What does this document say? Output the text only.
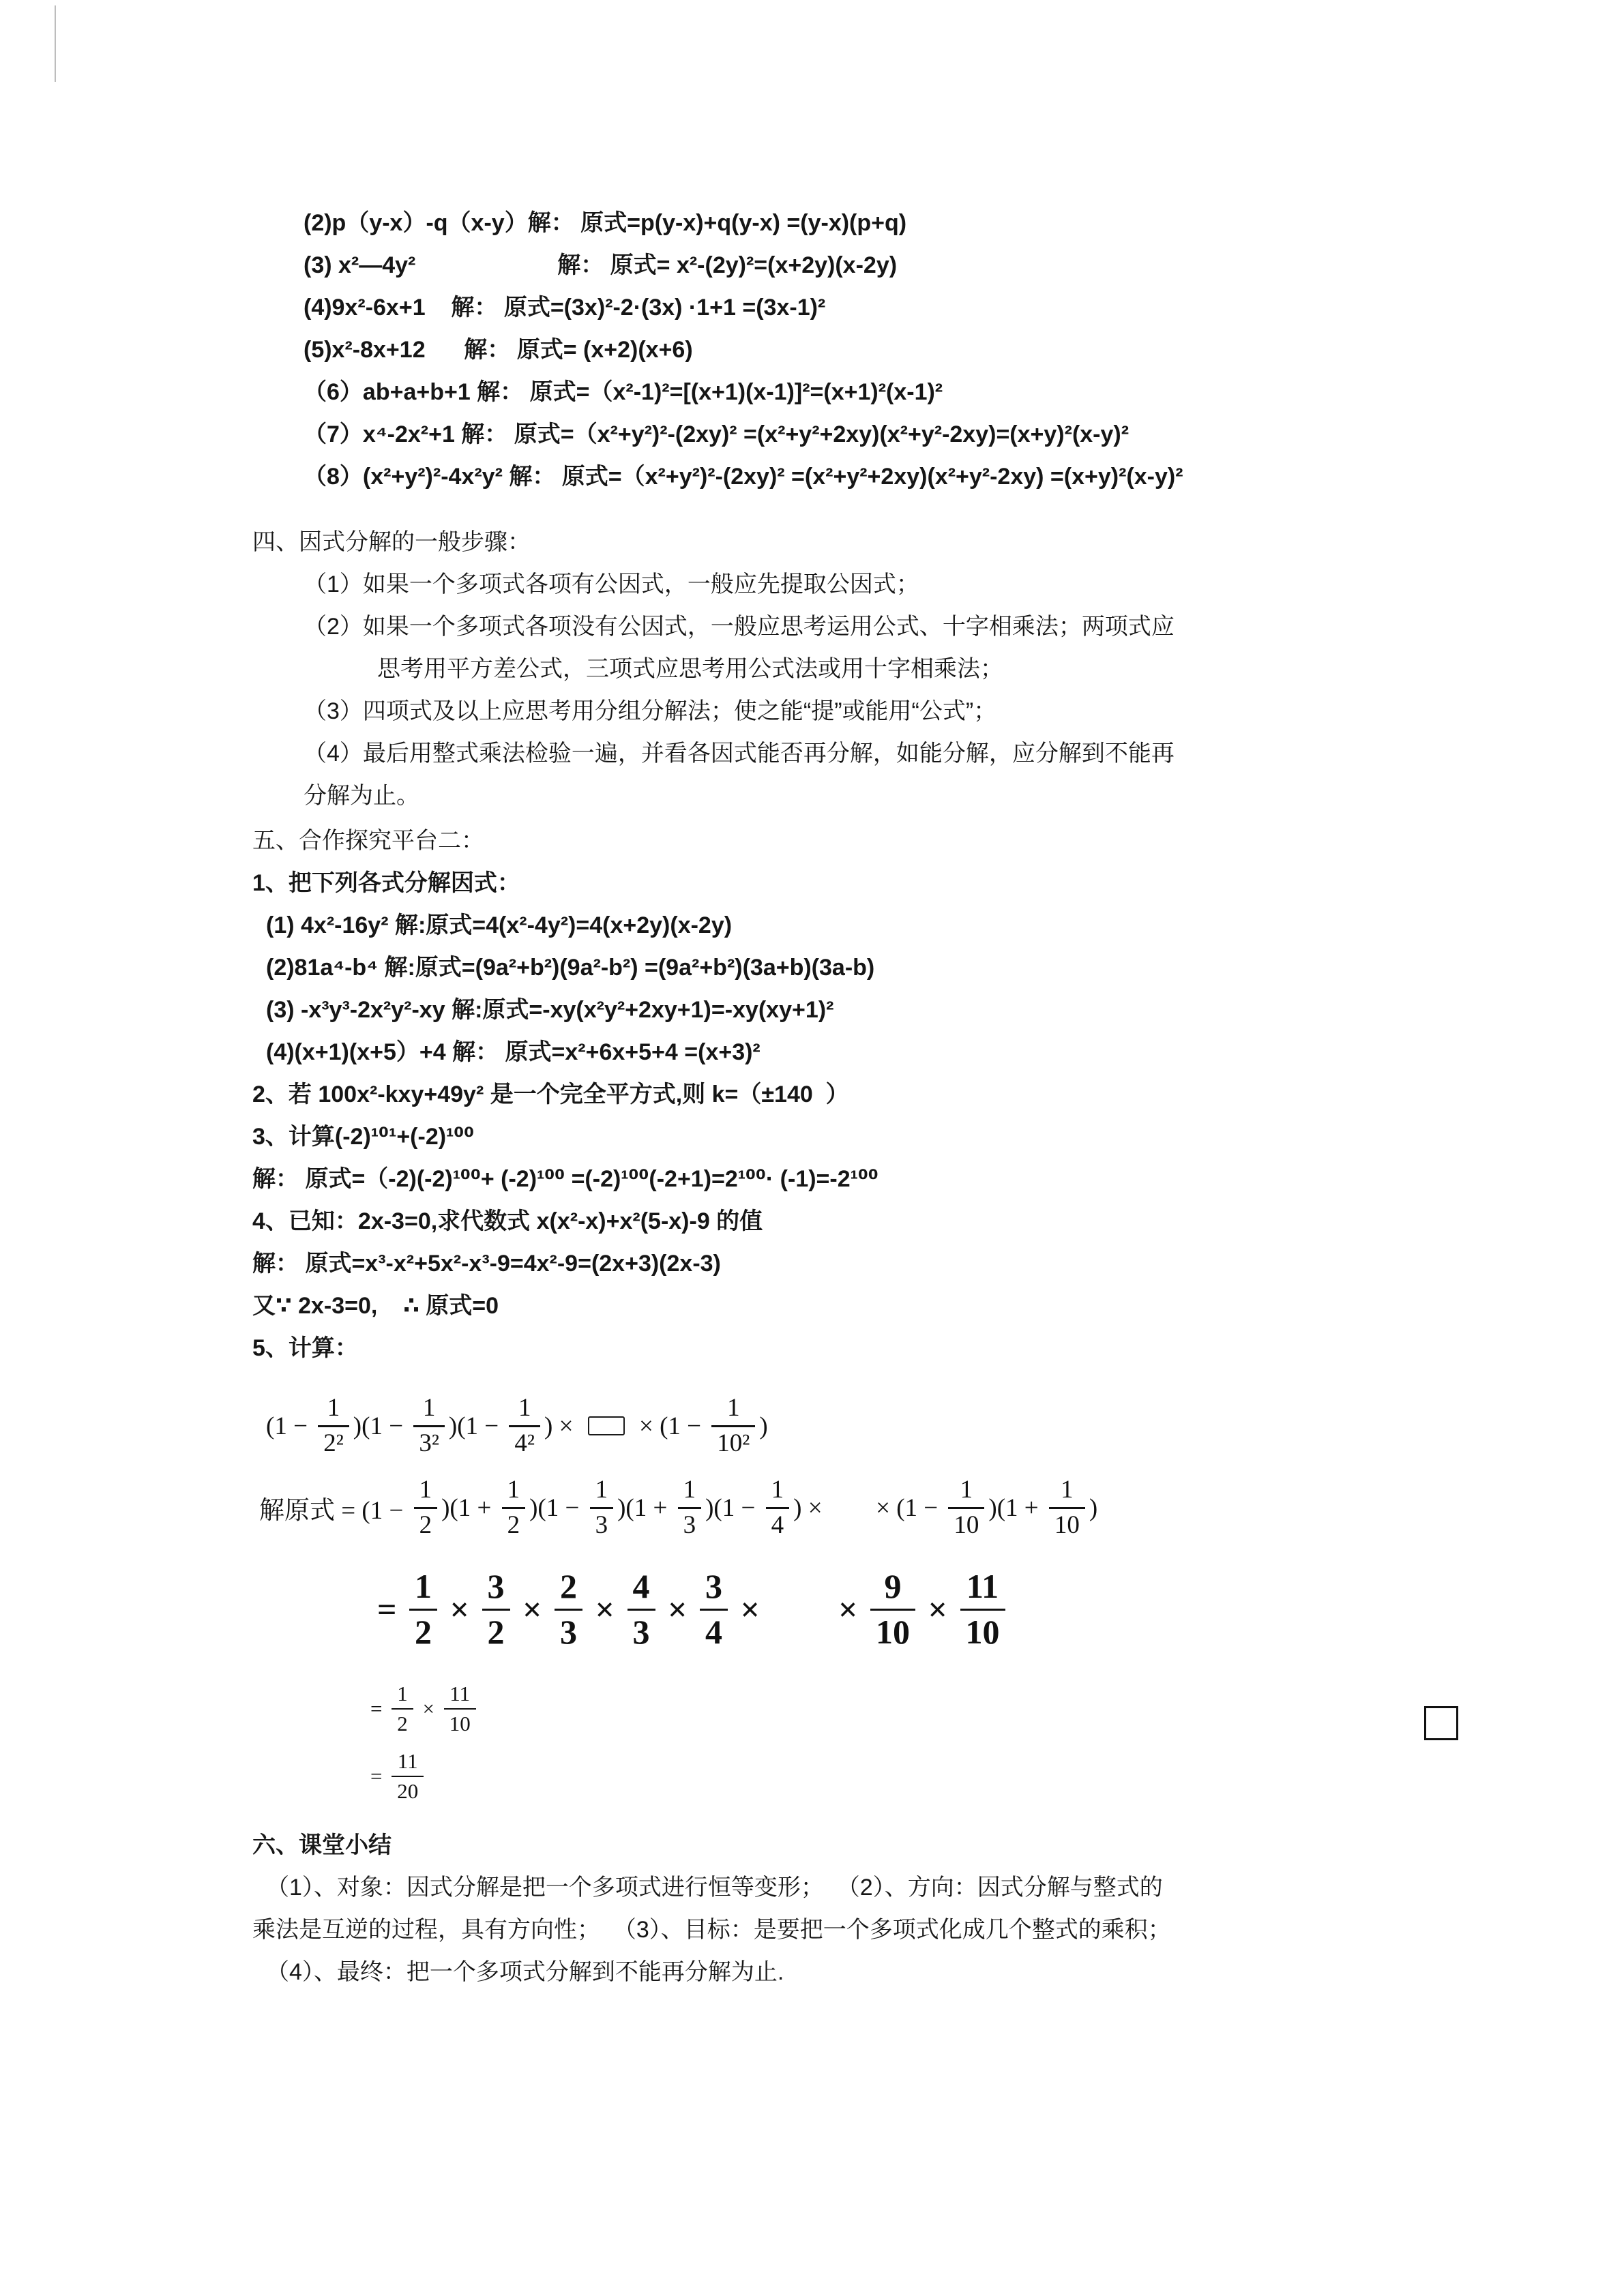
(2)p（y-x）-q（x-y）解： 原式=p(y-x)+q(y-x) =(y-x)(p+q)
(3) x²—4y²                      解： 原式= x²-(2y)²=(x+2y)(x-2y)
(4)9x²-6x+1    解： 原式=(3x)²-2·(3x) ·1+1 =(3x-1)²
(5)x²-8x+12      解： 原式= (x+2)(x+6)
（6）ab+a+b+1 解： 原式=（x²-1)²=[(x+1)(x-1)]²=(x+1)²(x-1)²
（7）x⁴-2x²+1 解： 原式=（x²+y²)²-(2xy)² =(x²+y²+2xy)(x²+y²-2xy)=(x+y)²(x-y)²
（8）(x²+y²)²-4x²y² 解： 原式=（x²+y²)²-(2xy)² =(x²+y²+2xy)(x²+y²-2xy) =(x+y)²(x-y)²
四、因式分解的一般步骤：
（1）如果一个多项式各项有公因式，一般应先提取公因式；
（2）如果一个多项式各项没有公因式，一般应思考运用公式、十字相乘法；两项式应
思考用平方差公式，三项式应思考用公式法或用十字相乘法；
（3）四项式及以上应思考用分组分解法；使之能“提”或能用“公式”；
（4）最后用整式乘法检验一遍，并看各因式能否再分解，如能分解，应分解到不能再
分解为止。
五、合作探究平台二：
1、把下列各式分解因式：
(1) 4x²-16y² 解:原式=4(x²-4y²)=4(x+2y)(x-2y)
(2)81a⁴-b⁴ 解:原式=(9a²+b²)(9a²-b²) =(9a²+b²)(3a+b)(3a-b)
(3) -x³y³-2x²y²-xy 解:原式=-xy(x²y²+2xy+1)=-xy(xy+1)²
(4)(x+1)(x+5）+4 解： 原式=x²+6x+5+4 =(x+3)²
2、若 100x²-kxy+49y² 是一个完全平方式,则 k=（±140  ）
3、计算(-2)¹⁰¹+(-2)¹⁰⁰
解： 原式=（-2)(-2)¹⁰⁰+ (-2)¹⁰⁰ =(-2)¹⁰⁰(-2+1)=2¹⁰⁰· (-1)=-2¹⁰⁰
4、已知：2x-3=0,求代数式 x(x²-x)+x²(5-x)-9 的值
解： 原式=x³-x²+5x²-x³-9=4x²-9=(2x+3)(2x-3)
又∵ 2x-3=0,    ∴ 原式=0
5、计算：
$(1 - \frac{1}{\text{2²}} )(1 - \frac{1}{\text{3²}} )(1 - \frac{1}{\text{4²}}$ ) × × ($1 - \frac{1}{\text{10²}}$ )
解原式 = $(1 - \frac{1}{2} )(1 + \frac{1}{2} )(1 - \frac{1}{3} )(1 + \frac{1}{3} )(1 - \frac{1}{4}$ ) × × $(1 - \frac{1}{10} )(1 + \frac{1}{10}$ )
= $\frac{1}{2} \times \frac{3}{2} \times \frac{2}{3} \times \frac{4}{3} \times \frac{3}{4}$ × × $\frac{9}{10} \times \frac{11}{10}$
= $\frac{1}{2} \times \frac{11}{10}$
= $\frac{11}{20}$
六、课堂小结
（1）、对象：因式分解是把一个多项式进行恒等变形；  （2）、方向：因式分解与整式的
乘法是互逆的过程，具有方向性；  （3）、目标：是要把一个多项式化成几个整式的乘积；
（4）、最终：把一个多项式分解到不能再分解为止.
